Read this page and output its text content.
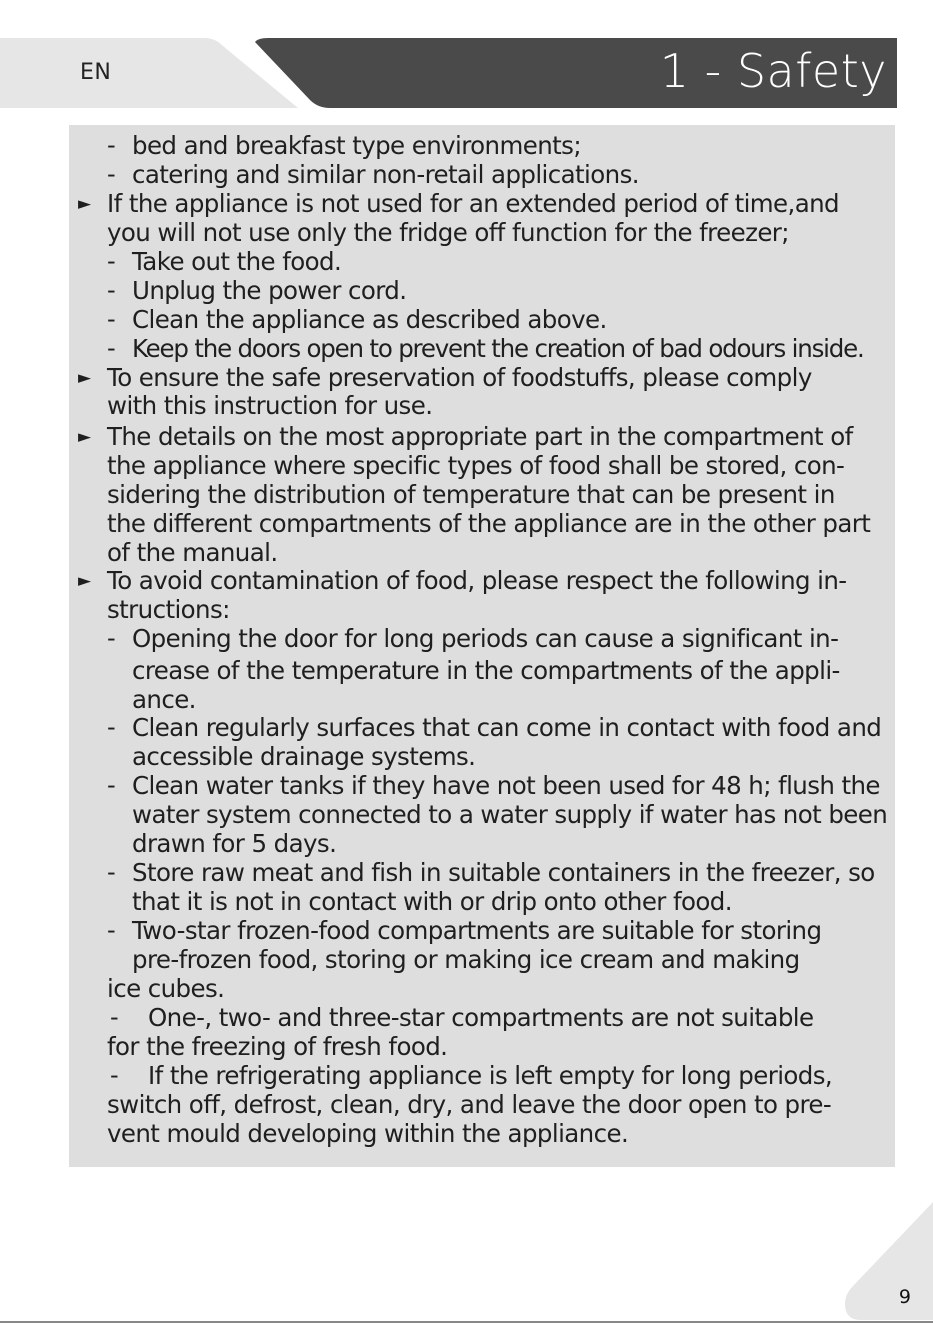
EN	1 - Safety
-
-
►
-
-
-
-
►
►
►
-
-
-
-
-
-
-
bed and breakfast type environments;
catering and similar non-retail applications.
If the appliance is not used for an extended period of time,and
you will not use only the fridge off function for the freezer;
Take out the food.
Unplug the power cord.
Clean the appliance as described above.
Keep the doors open to prevent the creation of bad odours inside.
To ensure the safe preservation of foodstuffs, please comply
with this instruction for use.
The details on the most appropriate part in the compartment of
the appliance where specific types of food shall be stored, con-
sidering the distribution of temperature that can be present in
the different compartments of the appliance are in the other part
of the manual.
To avoid contamination of food, please respect the following in-
structions:
Opening the door for long periods can cause a significant in-
crease of the temperature in the compartments of the appli-
ance.
Clean regularly surfaces that can come in contact with food and
accessible drainage systems.
Clean water tanks if they have not been used for 48 h; flush the
water system connected to a water supply if water has not been
drawn for 5 days.
Store raw meat and fish in suitable containers in the freezer, so
that it is not in contact with or drip onto other food.
Two-star frozen-food compartments are suitable for storing
pre-frozen food, storing or making ice cream and making
ice cubes.
One-, two- and three-star compartments are not suitable
for the freezing of fresh food.
If the refrigerating appliance is left empty for long periods,
switch off, defrost, clean, dry, and leave the door open to pre-
vent mould developing within the appliance.
9
